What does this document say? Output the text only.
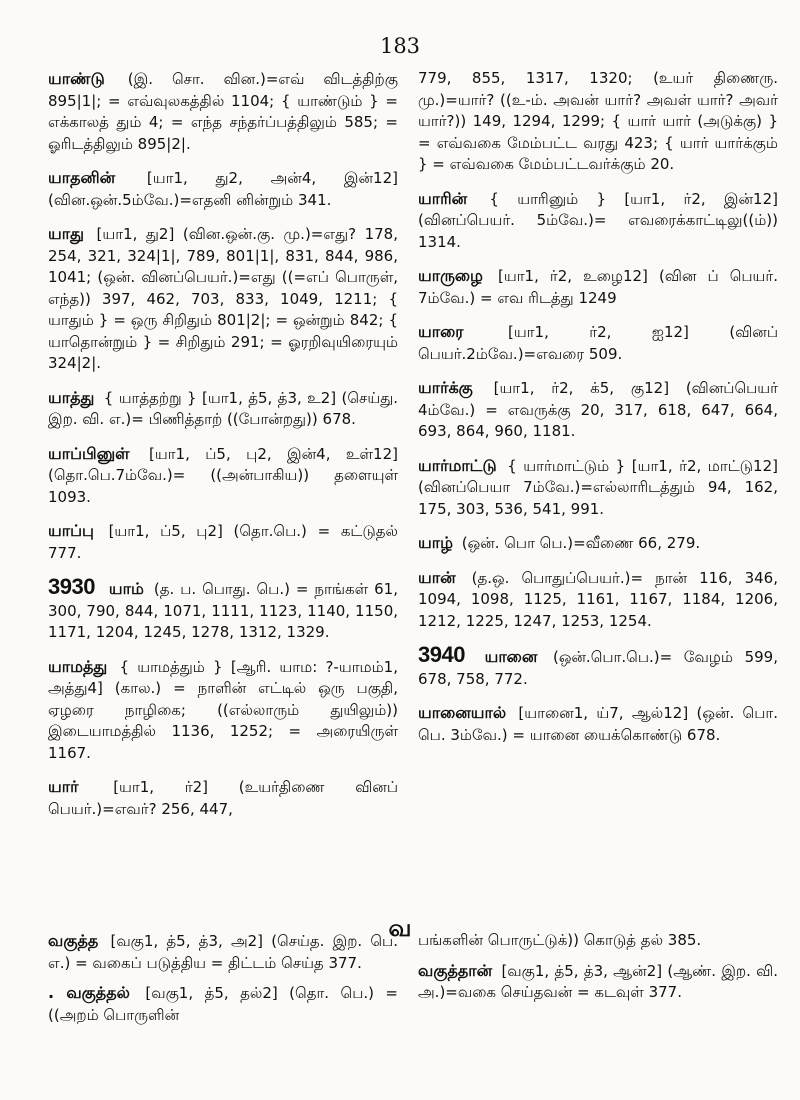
183
யாண்டு (இ. சொ. வின.)=எவ் விடத்திற்கு 895|1|; = எவ்வுலகத்தில் 1104; { யாண்டும் } = எக்காலத் தும் 4; = எந்த சந்தர்ப்பத்திலும் 585; = ஓரிடத்திலும் 895|2|.
யாதனின் [யா1, து2, அன்4, இன்12] (வின.ஒன்.5ம்வே.)=எதனி னின்றும் 341.
யாது [யா1, து2] (வின.ஒன்.கு. மு.)=எது? 178, 254, 321, 324|1|, 789, 801|1|, 831, 844, 986, 1041; (ஒன். வினப்பெயர்.)=எது ((=எப் பொருள், எந்த)) 397, 462, 703, 833, 1049, 1211; { யாதும் } = ஒரு சிறிதும் 801|2|; = ஒன்றும் 842; { யாதொன்றும் } = சிறிதும் 291; = ஓரறிவுயிரையும் 324|2|.
யாத்து { யாத்தற்று } [யா1, த்5, த்3, உ2] (செய்து. இற. வி. எ.)= பிணித்தாற் ((போன்றது)) 678.
யாப்பினுள் [யா1, ப்5, பு2, இன்4, உள்12] (தொ.பெ.7ம்வே.)= ((அன்பாகிய)) தளையுள் 1093.
யாப்பு [யா1, ப்5, பு2] (தொ.பெ.) = கட்டுதல் 777.
3930 யாம் (த. ப. பொது. பெ.) = நாங்கள் 61, 300, 790, 844, 1071, 1111, 1123, 1140, 1150, 1171, 1204, 1245, 1278, 1312, 1329.
யாமத்து { யாமத்தும் } [ஆரி. யாம: ?-யாமம்1, அத்து4] (கால.) = நாளின் எட்டில் ஒரு பகுதி, ஏழரை நாழிகை; ((எல்லாரும் துயிலும்)) இடையாமத்தில் 1136, 1252; = அரையிருள் 1167.
யார் [யா1, ர்2] (உயர்திணை வினப் பெயர்.)=எவர்? 256, 447,
779, 855, 1317, 1320; (உயர் திணைரு. மு.)=யார்? ((உ-ம். அவன் யார்? அவள் யார்? அவர் யார்?)) 149, 1294, 1299; { யார் யார் (அடுக்கு) } = எவ்வகை மேம்பட்ட வரது 423; { யார் யார்க்கும் } = எவ்வகை மேம்பட்டவர்க்கும் 20.
யாரின் { யாரினும் } [யா1, ர்2, இன்12] (வினப்பெயர். 5ம்வே.)= எவரைக்காட்டிலு((ம்)) 1314.
யாருழை [யா1, ர்2, உழை12] (வின ப் பெயர். 7ம்வே.) = எவ ரிடத்து 1249
யாரை	[யா1, ர்2, ஐ12] (வினப் பெயர்.2ம்வே.)=எவரை 509.
யார்க்கு [யா1, ர்2, க்5, கு12] (வினப்பெயர் 4ம்வே.) = எவருக்கு 20, 317, 618, 647, 664, 693, 864, 960, 1181.
யார்மாட்டு { யார்மாட்டும் } [யா1, ர்2, மாட்டு12] (வினப்பெயா 7ம்வே.)=எல்லாரிடத்தும் 94, 162, 175, 303, 536, 541, 991.
யாழ் (ஒன். பொ பெ.)=வீணை 66, 279.
யான் (த.ஒ. பொதுப்பெயர்.)= நான் 116, 346, 1094, 1098, 1125, 1161, 1167, 1184, 1206, 1212, 1225, 1247, 1253, 1254.
3940 யானை (ஒன்.பொ.பெ.)= வேழம் 599, 678, 758, 772.
யானையால் [யானை1, ய்7, ஆல்12] (ஒன். பொ. பெ. 3ம்வே.) = யானை யைக்கொண்டு 678.
வ
வகுத்த [வகு1, த்5, த்3, அ2] (செய்த. இற. பெ. எ.) = வகைப் படுத்திய = திட்டம் செய்த 377.
. வகுத்தல் [வகு1, த்5, தல்2] (தொ. பெ.) = ((அறம் பொருளின்
பங்களின் பொருட்டுக்)) கொடுத் தல் 385.
வகுத்தான் [வகு1, த்5, த்3, ஆன்2] (ஆண். இற. வி. அ.)=வகை செய்தவன் = கடவுள் 377.
